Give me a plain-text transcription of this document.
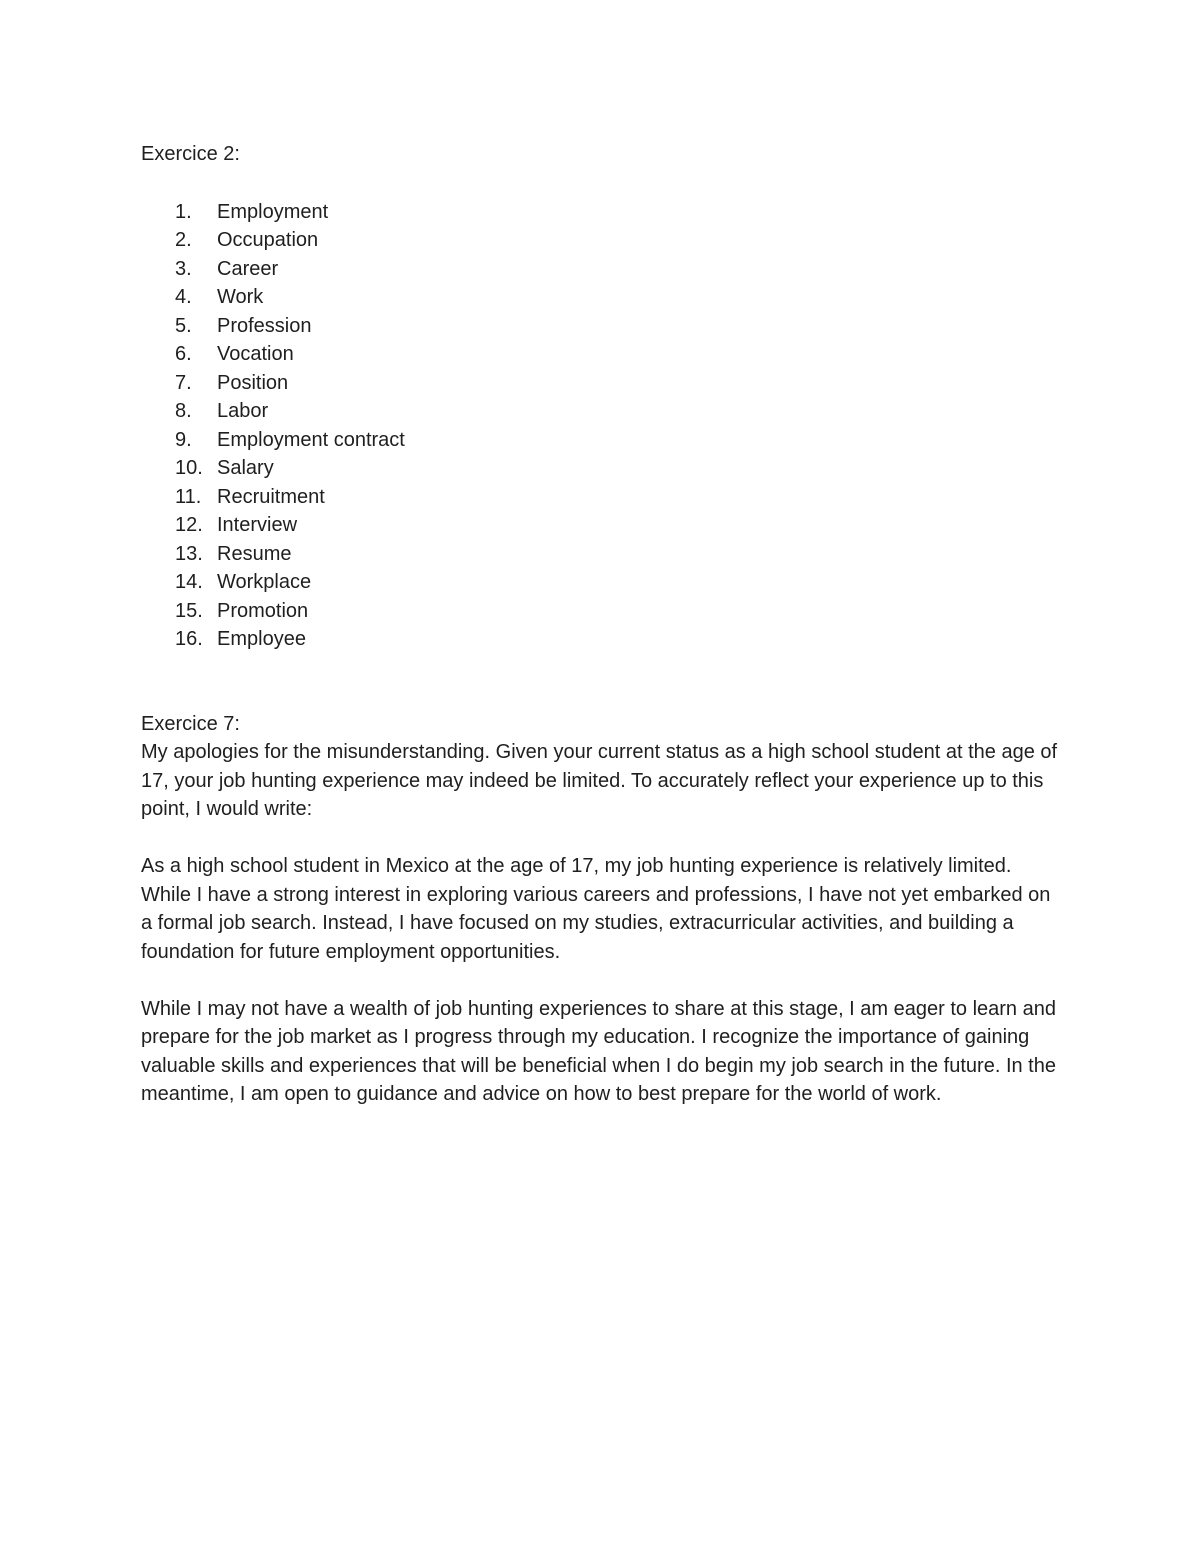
Exercice 2:

1.	Employment
2.	Occupation
3.	Career
4.	Work
5.	Profession
6.	Vocation
7.	Position
8.	Labor
9.	Employment contract
10. Salary
11. Recruitment
12. Interview
13. Resume
14. Workplace
15. Promotion
16. Employee

Exercice 7:

My apologies for the misunderstanding. Given your current status as a high school student at the age of 17, your job hunting experience may indeed be limited. To accurately reflect your experience up to this point, I would write:

As a high school student in Mexico at the age of 17, my job hunting experience is relatively limited. While I have a strong interest in exploring various careers and professions, I have not yet embarked on a formal job search. Instead, I have focused on my studies, extracurricular activities, and building a foundation for future employment opportunities.

While I may not have a wealth of job hunting experiences to share at this stage, I am eager to learn and prepare for the job market as I progress through my education. I recognize the importance of gaining valuable skills and experiences that will be beneficial when I do begin my job search in the future. In the meantime, I am open to guidance and advice on how to best prepare for the world of work.
